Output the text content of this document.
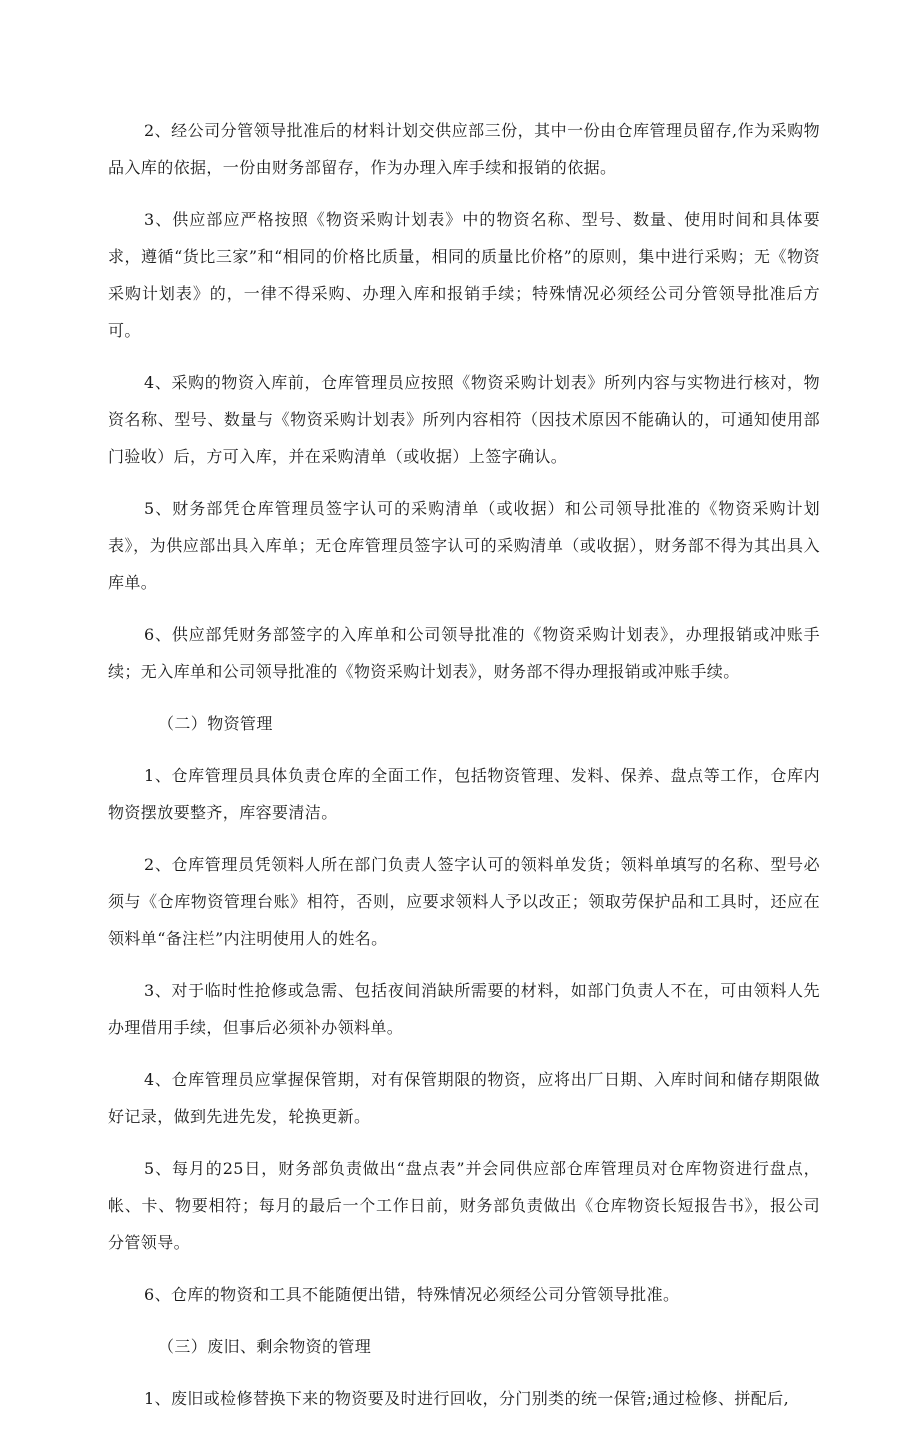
2、经公司分管领导批准后的材料计划交供应部三份，其中一份由仓库管理员留存,作为采购物品入库的依据，一份由财务部留存，作为办理入库手续和报销的依据。

3、供应部应严格按照《物资采购计划表》中的物资名称、型号、数量、使用时间和具体要求，遵循“货比三家”和“相同的价格比质量，相同的质量比价格”的原则，集中进行采购；无《物资采购计划表》的，一律不得采购、办理入库和报销手续；特殊情况必须经公司分管领导批准后方可。

4、采购的物资入库前，仓库管理员应按照《物资采购计划表》所列内容与实物进行核对，物资名称、型号、数量与《物资采购计划表》所列内容相符（因技术原因不能确认的，可通知使用部门验收）后，方可入库，并在采购清单（或收据）上签字确认。

5、财务部凭仓库管理员签字认可的采购清单（或收据）和公司领导批准的《物资采购计划表》，为供应部出具入库单；无仓库管理员签字认可的采购清单（或收据），财务部不得为其出具入库单。

6、供应部凭财务部签字的入库单和公司领导批准的《物资采购计划表》，办理报销或冲账手续；无入库单和公司领导批准的《物资采购计划表》，财务部不得办理报销或冲账手续。

（二）物资管理

1、仓库管理员具体负责仓库的全面工作，包括物资管理、发料、保养、盘点等工作，仓库内物资摆放要整齐，库容要清洁。

2、仓库管理员凭领料人所在部门负责人签字认可的领料单发货；领料单填写的名称、型号必须与《仓库物资管理台账》相符，否则，应要求领料人予以改正；领取劳保护品和工具时，还应在领料单“备注栏”内注明使用人的姓名。

3、对于临时性抢修或急需、包括夜间消缺所需要的材料，如部门负责人不在，可由领料人先办理借用手续，但事后必须补办领料单。

4、仓库管理员应掌握保管期，对有保管期限的物资，应将出厂日期、入库时间和储存期限做好记录，做到先进先发，轮换更新。

5、每月的25日，财务部负责做出“盘点表”并会同供应部仓库管理员对仓库物资进行盘点，帐、卡、物要相符；每月的最后一个工作日前，财务部负责做出《仓库物资长短报告书》，报公司分管领导。

6、仓库的物资和工具不能随便出错，特殊情况必须经公司分管领导批准。

（三）废旧、剩余物资的管理

1、废旧或检修替换下来的物资要及时进行回收，分门别类的统一保管;通过检修、拼配后,
